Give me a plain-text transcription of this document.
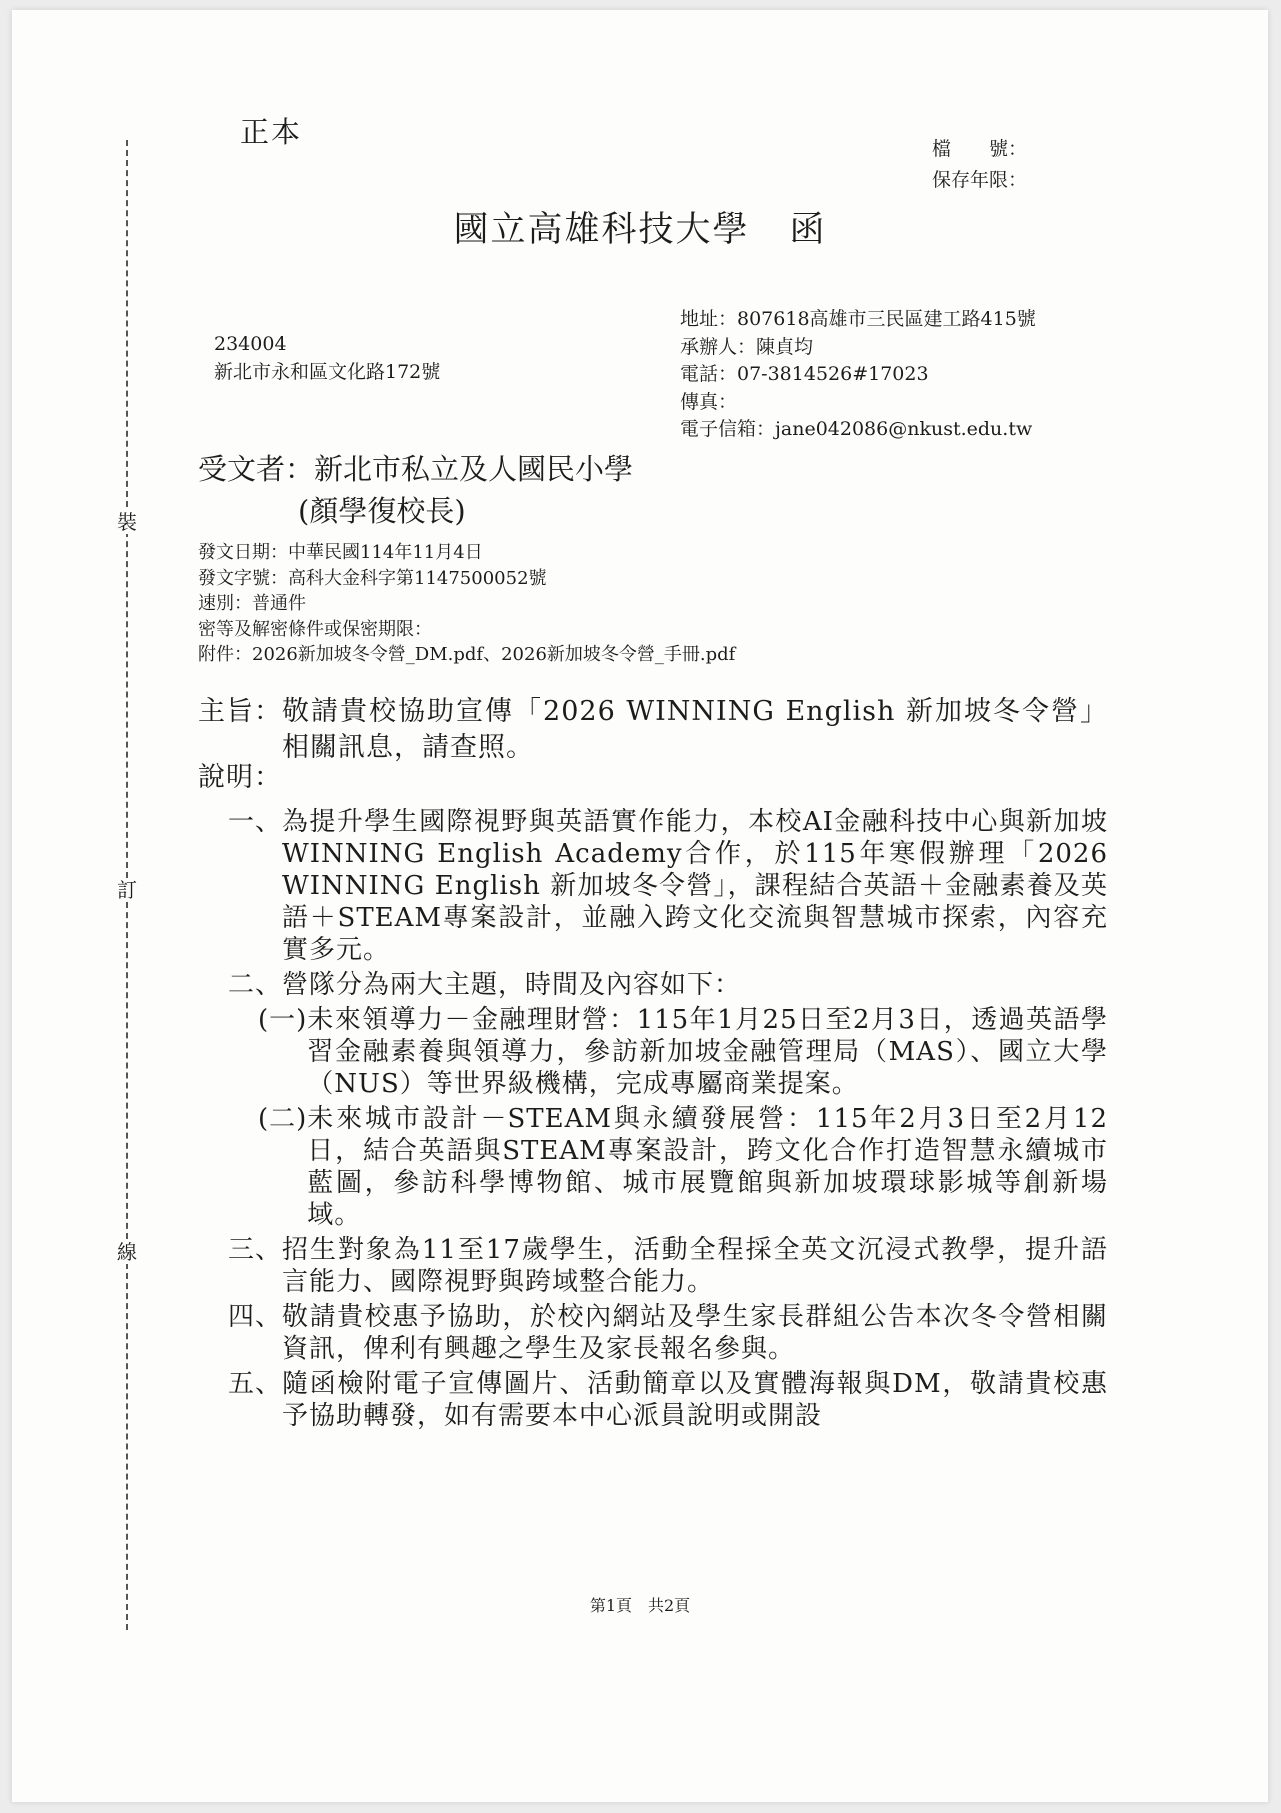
裝
訂
線
正本	檔　　號：
保存年限：
國立高雄科技大學 函
234004
新北市永和區文化路172號
地址：807618高雄市三民區建工路415號
承辦人：陳貞均
電話：07-3814526#17023
傳真：
電子信箱：jane042086@nkust.edu.tw
受文者：新北市私立及人國民小學
(顏學復校長)
發文日期：中華民國114年11月4日
發文字號：高科大金科字第1147500052號
速別：普通件
密等及解密條件或保密期限：
附件：2026新加坡冬令營_DM.pdf、2026新加坡冬令營_手冊.pdf
主旨： 敬請貴校協助宣傳「2026 WINNING English 新加坡冬令營」相關訊息，請查照。
說明：
一、 為提升學生國際視野與英語實作能力，本校AI金融科技中心與新加坡WINNING English Academy合作，於115年寒假辦理「2026 WINNING English 新加坡冬令營」，課程結合英語＋金融素養及英語＋STEAM專案設計，並融入跨文化交流與智慧城市探索，內容充實多元。
二、 營隊分為兩大主題，時間及內容如下：
(一) 未來領導力－金融理財營：115年1月25日至2月3日，透過英語學習金融素養與領導力，參訪新加坡金融管理局（MAS）、國立大學（NUS）等世界級機構，完成專屬商業提案。
(二) 未來城市設計－STEAM與永續發展營：115年2月3日至2月12日，結合英語與STEAM專案設計，跨文化合作打造智慧永續城市藍圖，參訪科學博物館、城市展覽館與新加坡環球影城等創新場域。
三、 招生對象為11至17歲學生，活動全程採全英文沉浸式教學，提升語言能力、國際視野與跨域整合能力。
四、 敬請貴校惠予協助，於校內網站及學生家長群組公告本次冬令營相關資訊，俾利有興趣之學生及家長報名參與。
五、 隨函檢附電子宣傳圖片、活動簡章以及實體海報與DM，敬請貴校惠予協助轉發，如有需要本中心派員說明或開設
第1頁　共2頁
